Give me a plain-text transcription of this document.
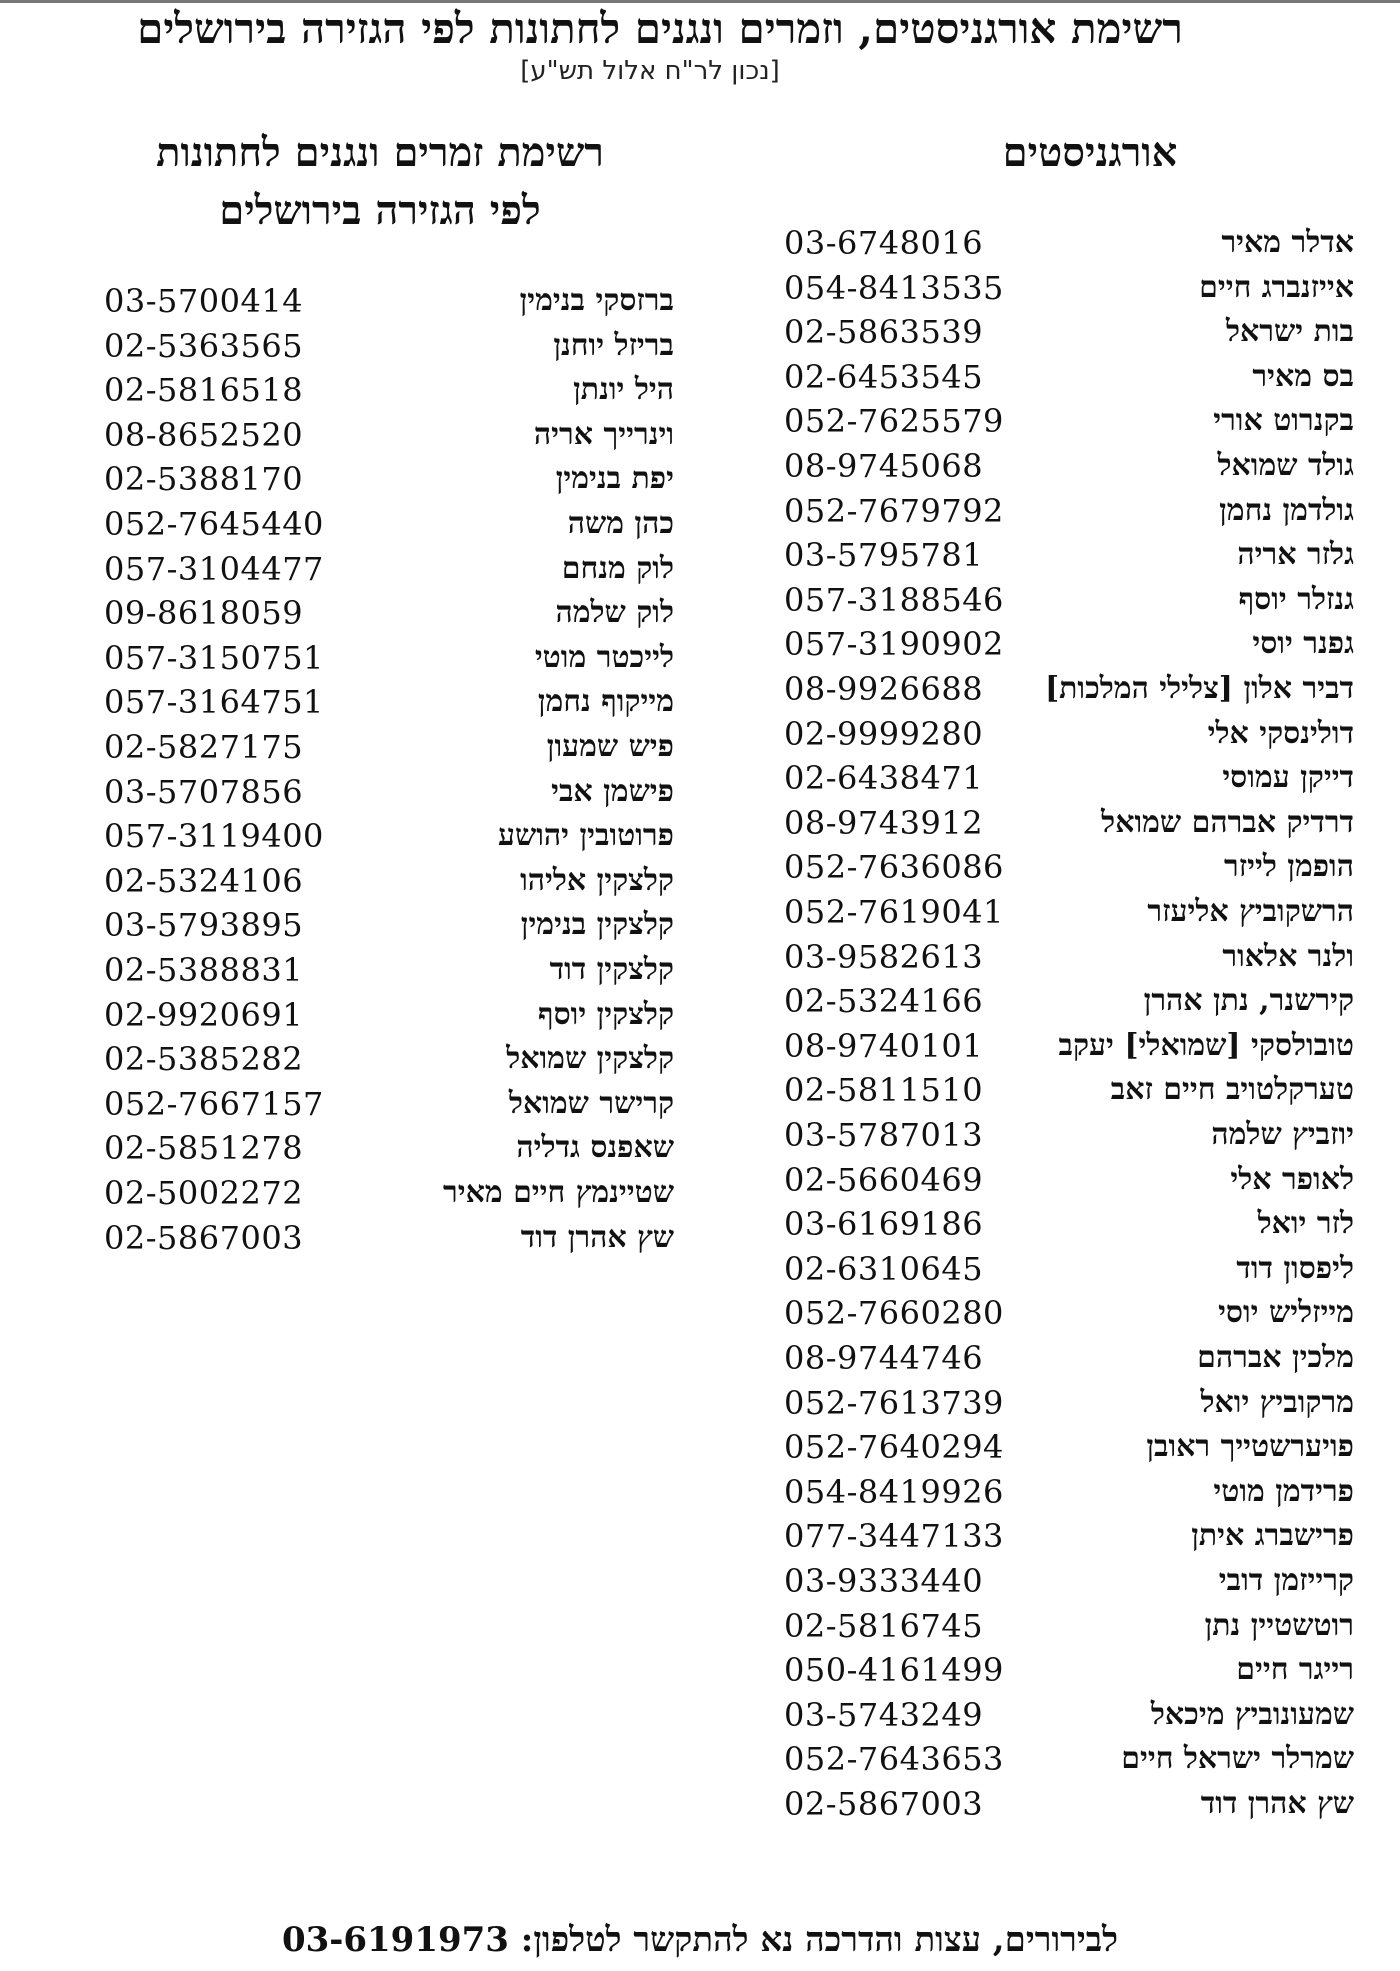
רשימת אורגניסטים, וזמרים ונגנים לחתונות לפי הגזירה בירושלים
[נכון לר"ח אלול תש"ע]
רשימת זמרים ונגנים לחתונות
לפי הגזירה בירושלים
אורגניסטים
03-6748016	אדלר מאיר
054-8413535	אייזנברג חיים
02-5863539	בות ישראל
02-6453545	בס מאיר
052-7625579	בקנרוט אורי
08-9745068	גולד שמואל
052-7679792	גולדמן נחמן
03-5795781	גלזר אריה
057-3188546	גנזלר יוסף
057-3190902	גפנר יוסי
08-9926688 דביר אלון [צלילי המלכות]
02-9999280	דולינסקי אלי
02-6438471	דייקן עמוסי
08-9743912	דרדיק אברהם שמואל
052-7636086	הופמן לייזר
052-7619041	הרשקוביץ אליעזר
03-9582613	ולנר אלאור
02-5324166	קירשנר, נתן אהרן
08-9740101	טובולסקי [שמואלי] יעקב
02-5811510	טערקלטויב חיים זאב
03-5787013	יוזביץ שלמה
02-5660469	לאופר אלי
03-6169186	לזר יואל
02-6310645	ליפסון דוד
052-7660280	מייזליש יוסי
08-9744746	מלכין אברהם
052-7613739	מרקוביץ יואל
052-7640294	פויערשטייך ראובן
054-8419926	פרידמן מוטי
077-3447133	פרישברג איתן
03-9333440	קרייזמן דובי
02-5816745	רוטשטיין נתן
050-4161499	רייגר חיים
03-5743249	שמעונוביץ מיכאל
052-7643653	שמרלר ישראל חיים
02-5867003	שץ אהרן דוד
03-5700414	ברזסקי בנימין
02-5363565	בריזל יוחנן
02-5816518	היל יונתן
08-8652520	וינרייך אריה
02-5388170	יפת בנימין
052-7645440	כהן משה
057-3104477	לוק מנחם
09-8618059	לוק שלמה
057-3150751	לייכטר מוטי
057-3164751	מייקוף נחמן
02-5827175	פיש שמעון
03-5707856	פישמן אבי
057-3119400	פרוטובין יהושע
02-5324106	קלצקין אליהו
03-5793895	קלצקין בנימין
02-5388831	קלצקין דוד
02-9920691	קלצקין יוסף
02-5385282	קלצקין שמואל
052-7667157	קרישר שמואל
02-5851278	שאפנס גדליה
02-5002272	שטיינמץ חיים מאיר
02-5867003	שץ אהרן דוד
לבירורים, עצות והדרכה נא להתקשר לטלפון: 03-6191973
